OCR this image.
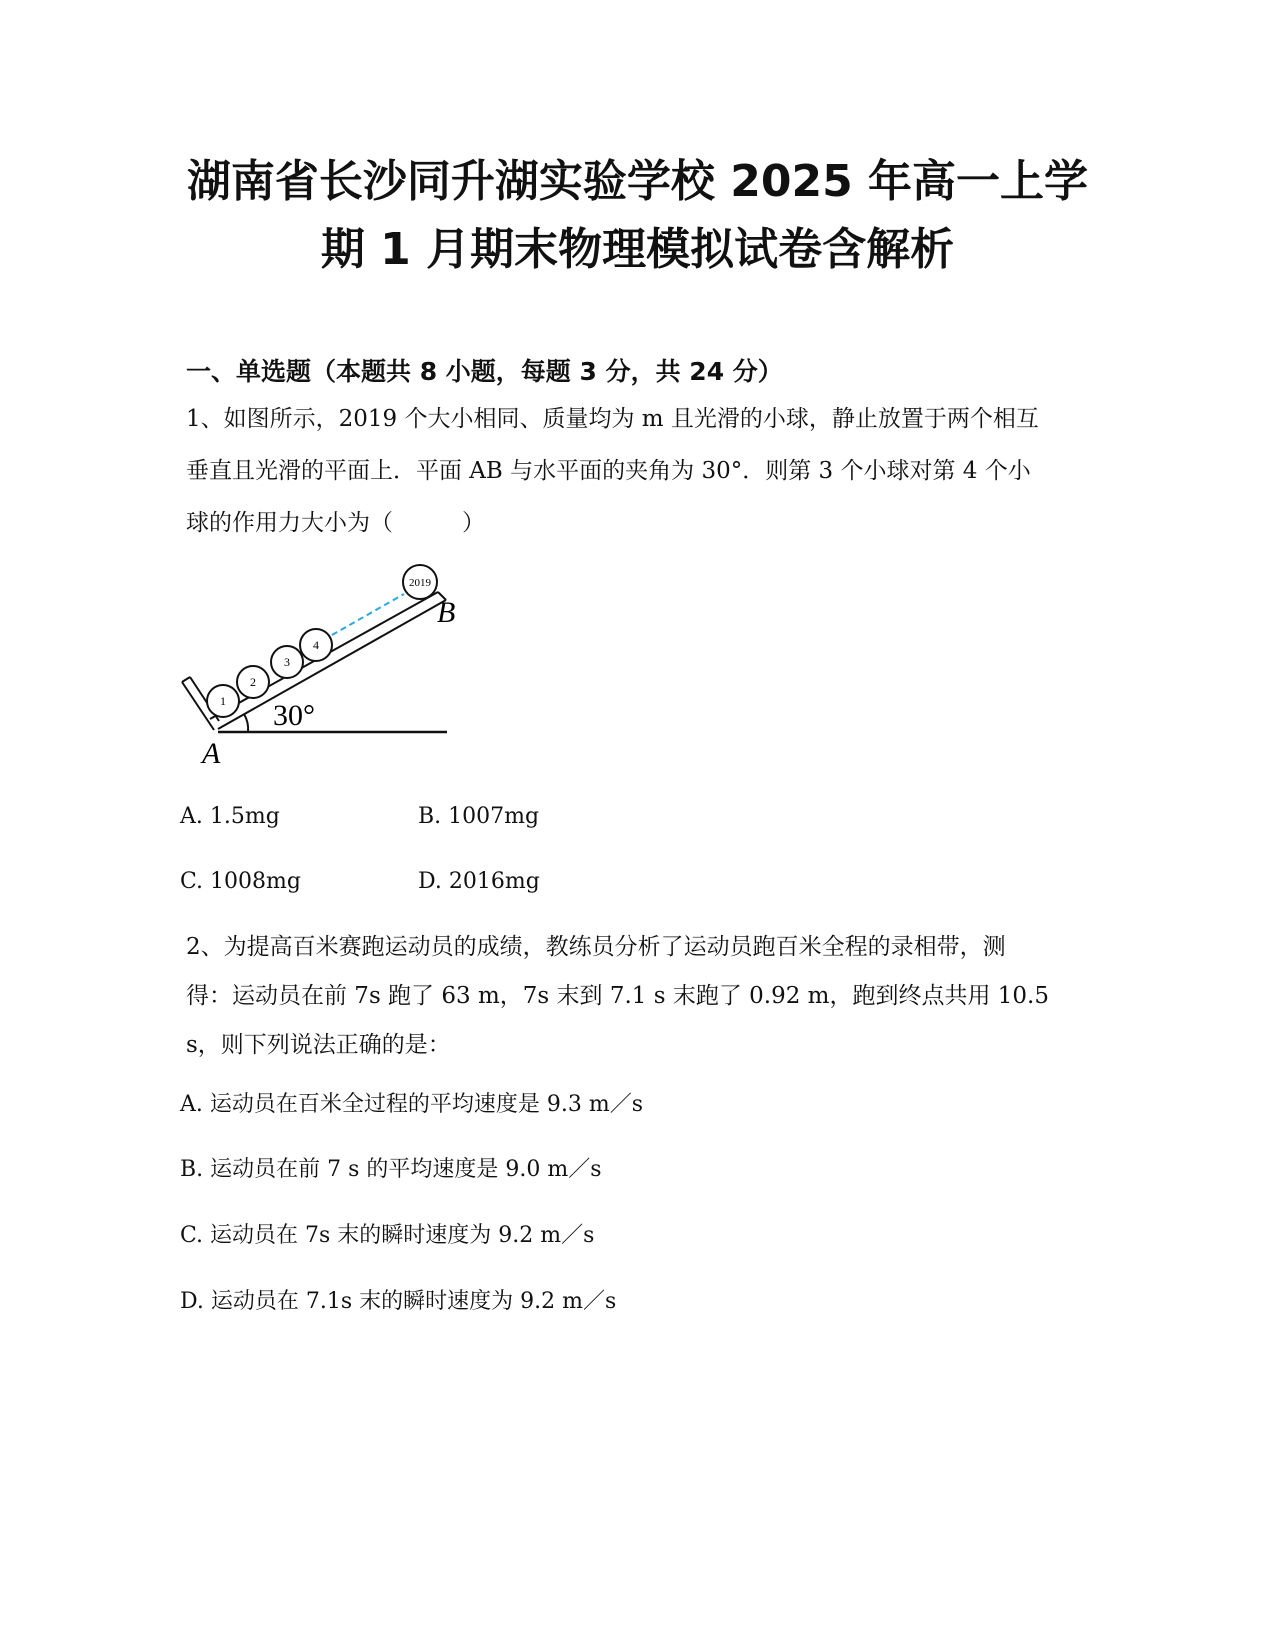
湖南省长沙同升湖实验学校 2025 年高一上学
期 1 月期末物理模拟试卷含解析
一、单选题（本题共 8 小题，每题 3 分，共 24 分）
1、如图所示，2019 个大小相同、质量均为 m 且光滑的小球，静止放置于两个相互
垂直且光滑的平面上．平面 AB 与水平面的夹角为 30°．则第 3 个小球对第 4 个小
球的作用力大小为（　　　）
1
2
3
4
2019
A
B
30°
A. 1.5mg	B. 1007mg
C. 1008mg	D. 2016mg
2、为提高百米赛跑运动员的成绩，教练员分析了运动员跑百米全程的录相带，测
得：运动员在前 7s 跑了 63 m，7s 末到 7.1 s 末跑了 0.92 m，跑到终点共用 10.5
s，则下列说法正确的是：
A. 运动员在百米全过程的平均速度是 9.3 m／s
B. 运动员在前 7 s 的平均速度是 9.0 m／s
C. 运动员在 7s 末的瞬时速度为 9.2 m／s
D. 运动员在 7.1s 末的瞬时速度为 9.2 m／s
